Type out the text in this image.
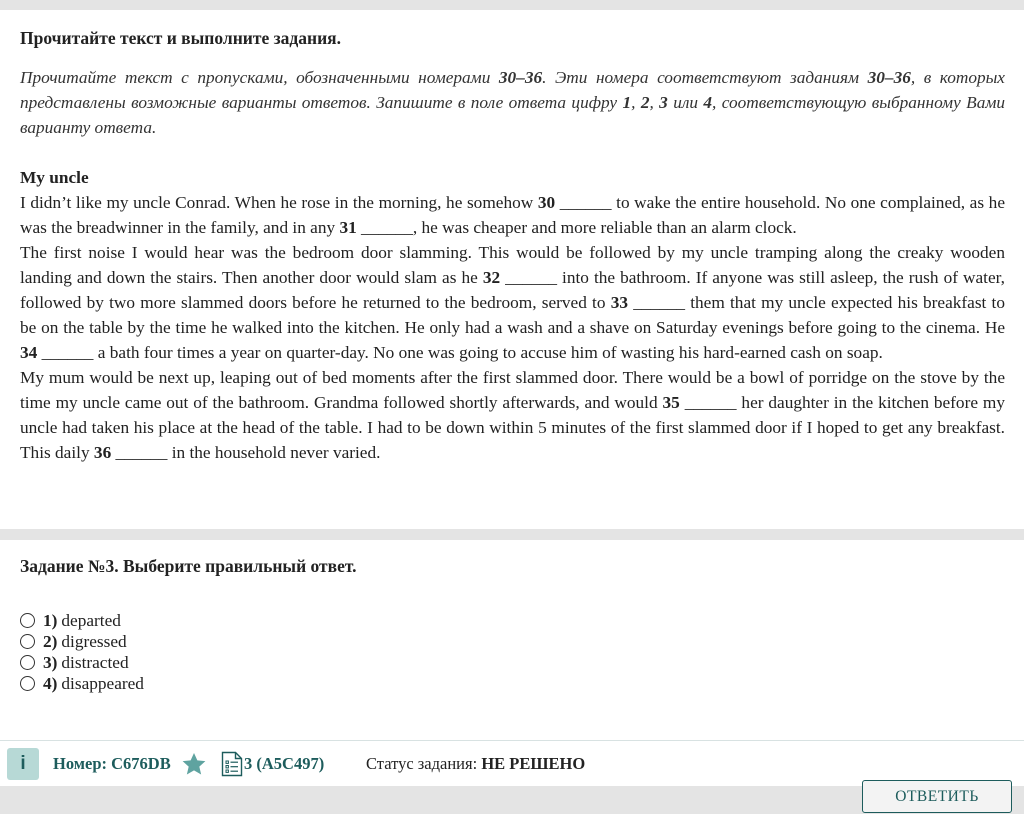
Прочитайте текст и выполните задания.

Прочитайте текст с пропусками, обозначенными номерами 30–36. Эти номера соответствуют заданиям 30–36, в которых представлены возможные варианты ответов. Запишите в поле ответа цифру 1, 2, 3 или 4, соответствующую выбранному Вами варианту ответа.

My uncle

I didn’t like my uncle Conrad. When he rose in the morning, he somehow 30 ______ to wake the entire household. No one complained, as he was the breadwinner in the family, and in any 31 ______, he was cheaper and more reliable than an alarm clock.

The first noise I would hear was the bedroom door slamming. This would be followed by my uncle tramping along the creaky wooden landing and down the stairs. Then another door would slam as he 32 ______ into the bathroom. If anyone was still asleep, the rush of water, followed by two more slammed doors before he returned to the bedroom, served to 33 ______ them that my uncle expected his breakfast to be on the table by the time he walked into the kitchen. He only had a wash and a shave on Saturday evenings before going to the cinema. He 34 ______ a bath four times a year on quarter-day. No one was going to accuse him of wasting his hard-earned cash on soap.

My mum would be next up, leaping out of bed moments after the first slammed door. There would be a bowl of porridge on the stove by the time my uncle came out of the bathroom. Grandma followed shortly afterwards, and would 35 ______ her daughter in the kitchen before my uncle had taken his place at the head of the table. I had to be down within 5 minutes of the first slammed door if I hoped to get any breakfast. This daily 36 ______ in the household never varied.

Задание №3. Выберите правильный ответ.

1) departed
2) digressed
3) distracted
4) disappeared
i	Номер: C676DB	3 (A5C497)	Статус задания: НЕ РЕШЕНО
ОТВЕТИТЬ
